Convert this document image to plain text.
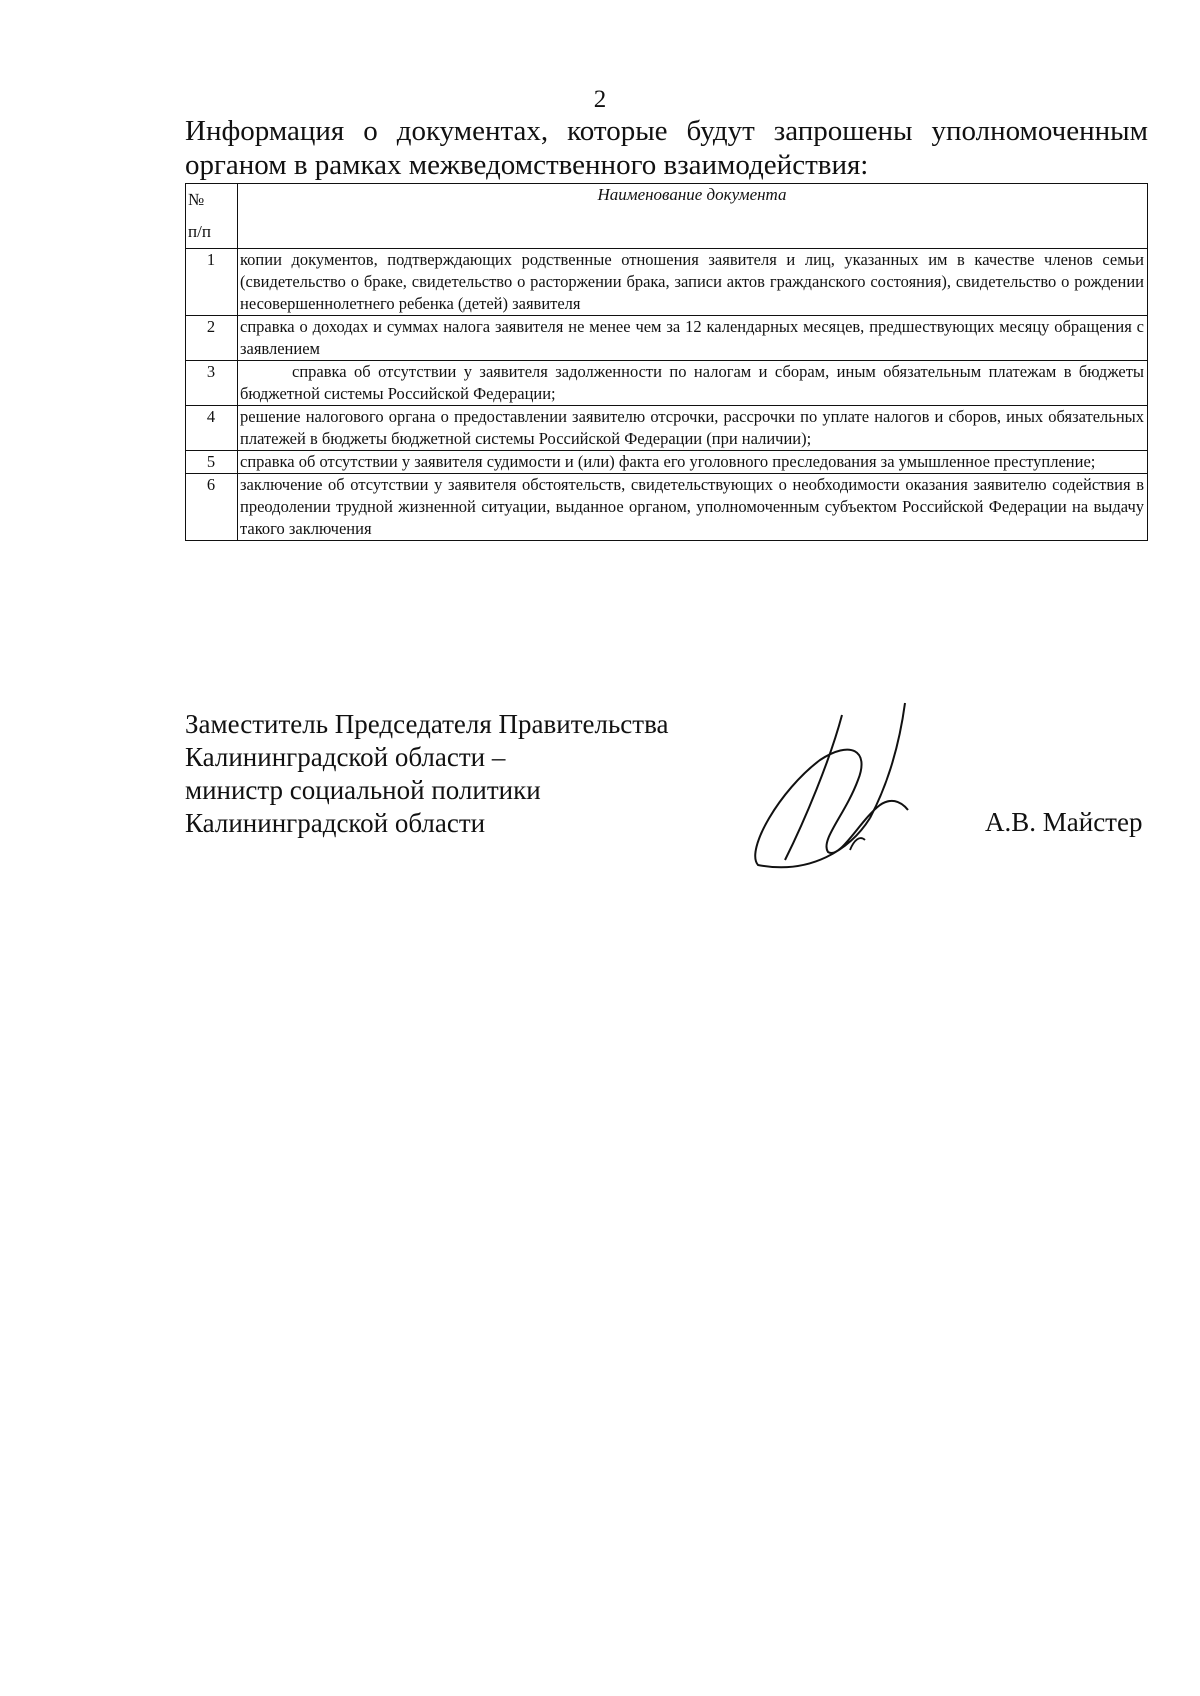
2
Информация о документах, которые будут запрошены уполномоченным органом в рамках межведомственного взаимодействия:
№
п/п	Наименование документа
1	копии документов, подтверждающих родственные отношения заявителя и лиц, указанных им в качестве членов семьи (свидетельство о браке, свидетельство о расторжении брака, записи актов гражданского состояния), свидетельство о рождении несовершеннолетнего ребенка (детей) заявителя
2	справка о доходах и суммах налога заявителя не менее чем за 12 календарных месяцев, предшествующих месяцу обращения с заявлением
3	справка об отсутствии у заявителя задолженности по налогам и сборам, иным обязательным платежам в бюджеты бюджетной системы Российской Федерации;
4	решение налогового органа о предоставлении заявителю отсрочки, рассрочки по уплате налогов и сборов, иных обязательных платежей в бюджеты бюджетной системы Российской Федерации (при наличии);
5	справка об отсутствии у заявителя судимости и (или) факта его уголовного преследования за умышленное преступление;
6	заключение об отсутствии у заявителя обстоятельств, свидетельствующих о необходимости оказания заявителю содействия в преодолении трудной жизненной ситуации, выданное органом, уполномоченным субъектом Российской Федерации на выдачу такого заключения
Заместитель Председателя Правительства
Калининградской области –
министр социальной политики
Калининградской области	А.В. Майстер
